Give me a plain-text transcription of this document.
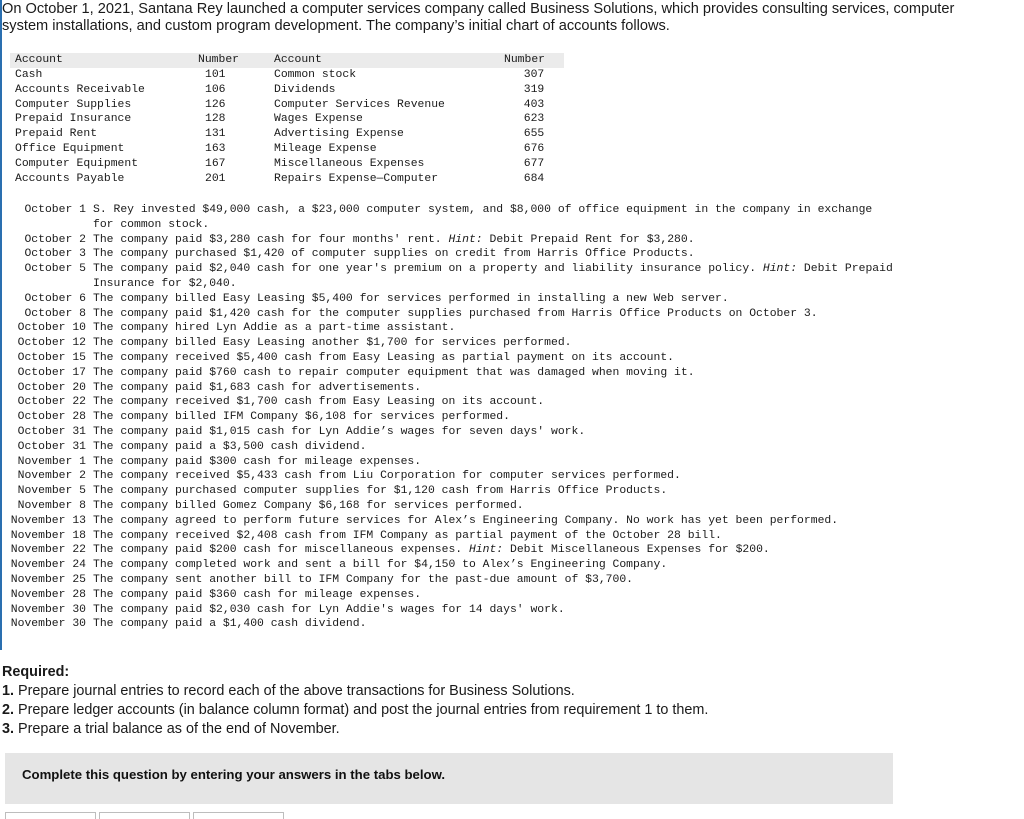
On October 1, 2021, Santana Rey launched a computer services company called Business Solutions, which provides consulting services, computer system installations, and custom program development. The company’s initial chart of accounts follows.

Account	Number	Account	Number
Cash	101	Common stock	307
Accounts Receivable	106	Dividends	319
Computer Supplies	126	Computer Services Revenue	403
Prepaid Insurance	128	Wages Expense	623
Prepaid Rent	131	Advertising Expense	655
Office Equipment	163	Mileage Expense	676
Computer Equipment	167	Miscellaneous Expenses	677
Accounts Payable	201	Repairs Expense—Computer	684
October 1 S. Rey invested $49,000 cash, a $23,000 computer system, and $8,000 of office equipment in the company in exchange for common stock.
October 2 The company paid $3,280 cash for four months' rent. Hint: Debit Prepaid Rent for $3,280.
October 3 The company purchased $1,420 of computer supplies on credit from Harris Office Products.
October 5 The company paid $2,040 cash for one year's premium on a property and liability insurance policy. Hint: Debit Prepaid Insurance for $2,040.
October 6 The company billed Easy Leasing $5,400 for services performed in installing a new Web server.
October 8 The company paid $1,420 cash for the computer supplies purchased from Harris Office Products on October 3.
October 10 The company hired Lyn Addie as a part-time assistant.
October 12 The company billed Easy Leasing another $1,700 for services performed.
October 15 The company received $5,400 cash from Easy Leasing as partial payment on its account.
October 17 The company paid $760 cash to repair computer equipment that was damaged when moving it.
October 20 The company paid $1,683 cash for advertisements.
October 22 The company received $1,700 cash from Easy Leasing on its account.
October 28 The company billed IFM Company $6,108 for services performed.
October 31 The company paid $1,015 cash for Lyn Addie’s wages for seven days' work.
October 31 The company paid a $3,500 cash dividend.
November 1 The company paid $300 cash for mileage expenses.
November 2 The company received $5,433 cash from Liu Corporation for computer services performed.
November 5 The company purchased computer supplies for $1,120 cash from Harris Office Products.
November 8 The company billed Gomez Company $6,168 for services performed.
November 13 The company agreed to perform future services for Alex’s Engineering Company. No work has yet been performed.
November 18 The company received $2,408 cash from IFM Company as partial payment of the October 28 bill.
November 22 The company paid $200 cash for miscellaneous expenses. Hint: Debit Miscellaneous Expenses for $200.
November 24 The company completed work and sent a bill for $4,150 to Alex’s Engineering Company.
November 25 The company sent another bill to IFM Company for the past-due amount of $3,700.
November 28 The company paid $360 cash for mileage expenses.
November 30 The company paid $2,030 cash for Lyn Addie's wages for 14 days' work.
November 30 The company paid a $1,400 cash dividend.

Required:

1. Prepare journal entries to record each of the above transactions for Business Solutions.

2. Prepare ledger accounts (in balance column format) and post the journal entries from requirement 1 to them.

3. Prepare a trial balance as of the end of November.

Complete this question by entering your answers in the tabs below.
